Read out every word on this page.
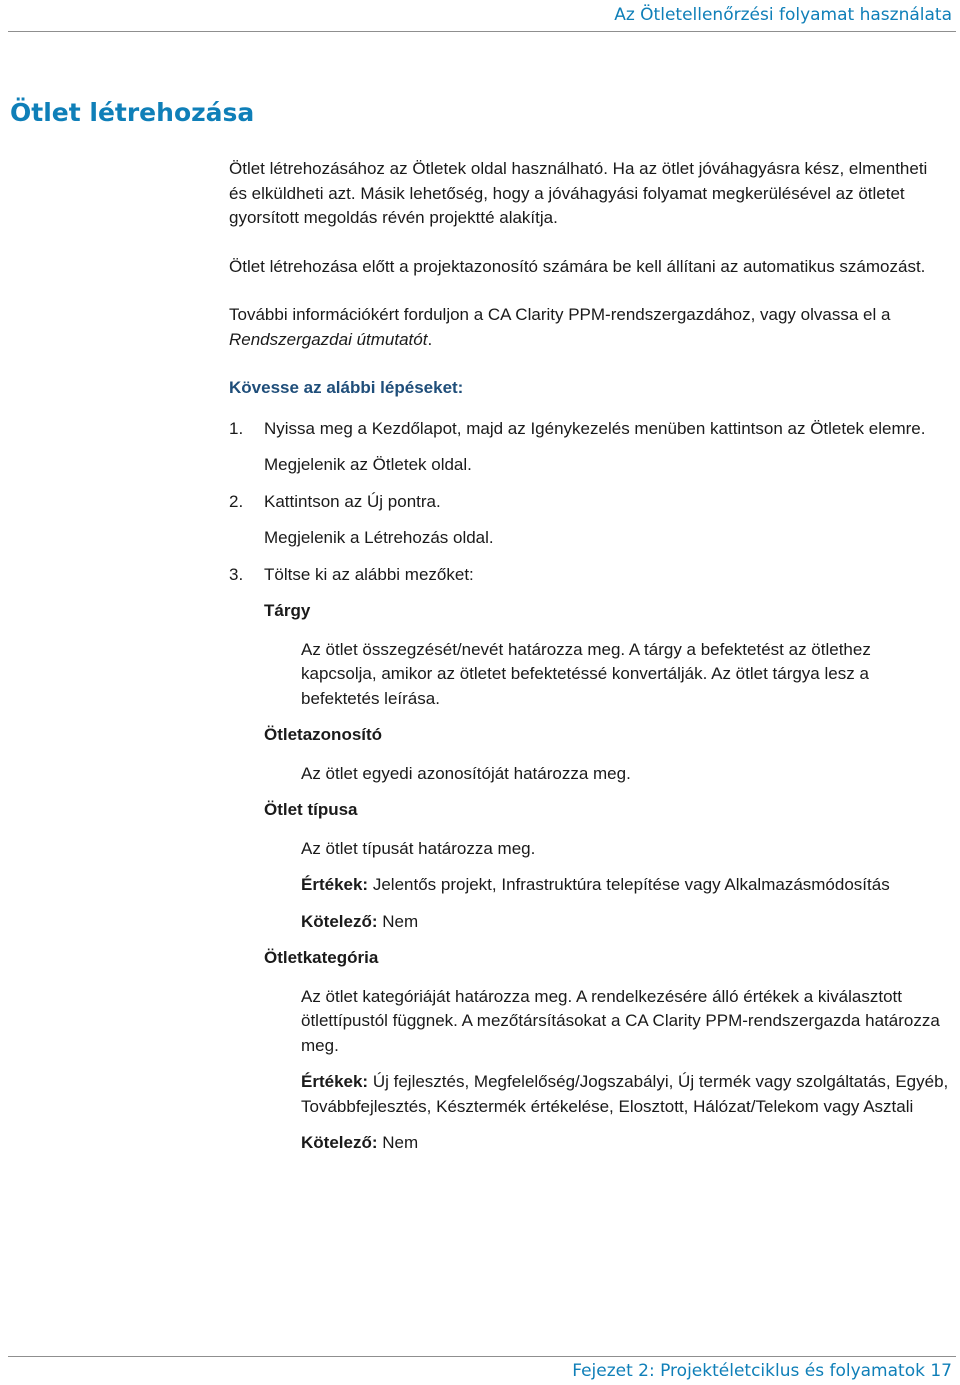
Az Ötletellenőrzési folyamat használata
Ötlet létrehozása

Ötlet létrehozásához az Ötletek oldal használható. Ha az ötlet jóváhagyásra kész, elmentheti és elküldheti azt. Másik lehetőség, hogy a jóváhagyási folyamat megkerülésével az ötletet gyorsított megoldás révén projektté alakítja.

Ötlet létrehozása előtt a projektazonosító számára be kell állítani az automatikus számozást.

További információkért forduljon a CA Clarity PPM-rendszergazdához, vagy olvassa el a Rendszergazdai útmutatót.

Kövesse az alábbi lépéseket:

1.	Nyissa meg a Kezdőlapot, majd az Igénykezelés menüben kattintson az Ötletek elemre.

Megjelenik az Ötletek oldal.

2.	Kattintson az Új pontra.

Megjelenik a Létrehozás oldal.

3.	Töltse ki az alábbi mezőket:

Tárgy

Az ötlet összegzését/nevét határozza meg. A tárgy a befektetést az ötlethez kapcsolja, amikor az ötletet befektetéssé konvertálják. Az ötlet tárgya lesz a befektetés leírása.

Ötletazonosító

Az ötlet egyedi azonosítóját határozza meg.

Ötlet típusa

Az ötlet típusát határozza meg.

Értékek: Jelentős projekt, Infrastruktúra telepítése vagy Alkalmazásmódosítás

Kötelező: Nem

Ötletkategória

Az ötlet kategóriáját határozza meg. A rendelkezésére álló értékek a kiválasztott ötlettípustól függnek. A mezőtársításokat a CA Clarity PPM-rendszergazda határozza meg.

Értékek: Új fejlesztés, Megfelelőség/Jogszabályi, Új termék vagy szolgáltatás, Egyéb, Továbbfejlesztés, Késztermék értékelése, Elosztott, Hálózat/Telekom vagy Asztali

Kötelező: Nem

Fejezet 2: Projektéletciklus és folyamatok 17
